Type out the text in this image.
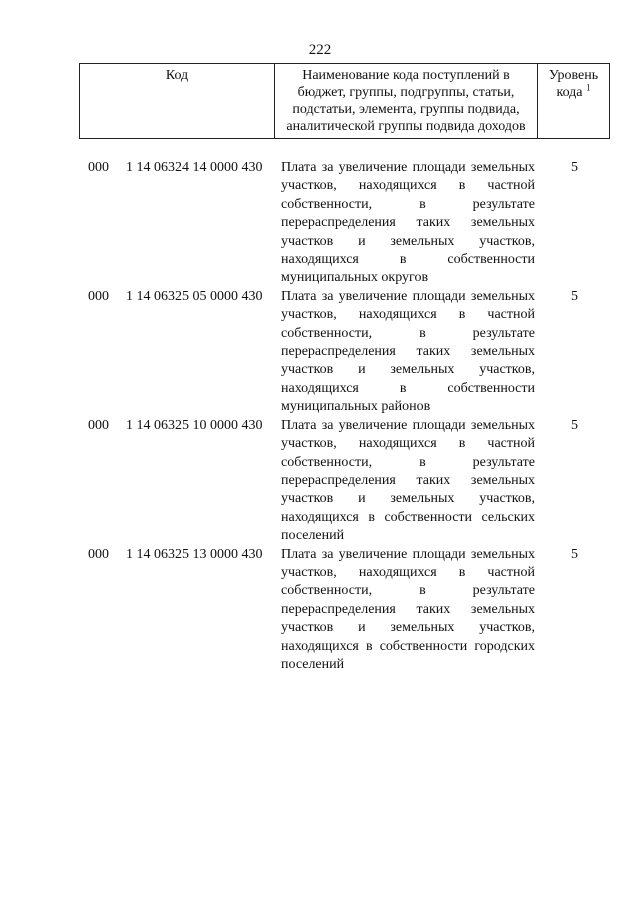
222
Код	Наименование кода поступлений в бюджет, группы, подгруппы, статьи, подстатьи, элемента, группы подвида, аналитической группы подвида доходов
Уровень кода $^1$
000 1 14 06324 14 0000 430 Плата за увеличение площади земельных участков, находящихся в частной собственности, в результате перераспределения таких земельных участков и земельных участков, находящихся в собственности муниципальных округов
5
000 1 14 06325 05 0000 430 Плата за увеличение площади земельных участков, находящихся в частной собственности, в результате перераспределения таких земельных участков и земельных участков, находящихся в собственности муниципальных районов
5
000 1 14 06325 10 0000 430 Плата за увеличение площади земельных участков, находящихся в частной собственности, в результате перераспределения таких земельных участков и земельных участков, находящихся в собственности сельских поселений
5
000 1 14 06325 13 0000 430 Плата за увеличение площади земельных участков, находящихся в частной собственности, в результате перераспределения таких земельных участков и земельных участков, находящихся в собственности городских поселений
5
